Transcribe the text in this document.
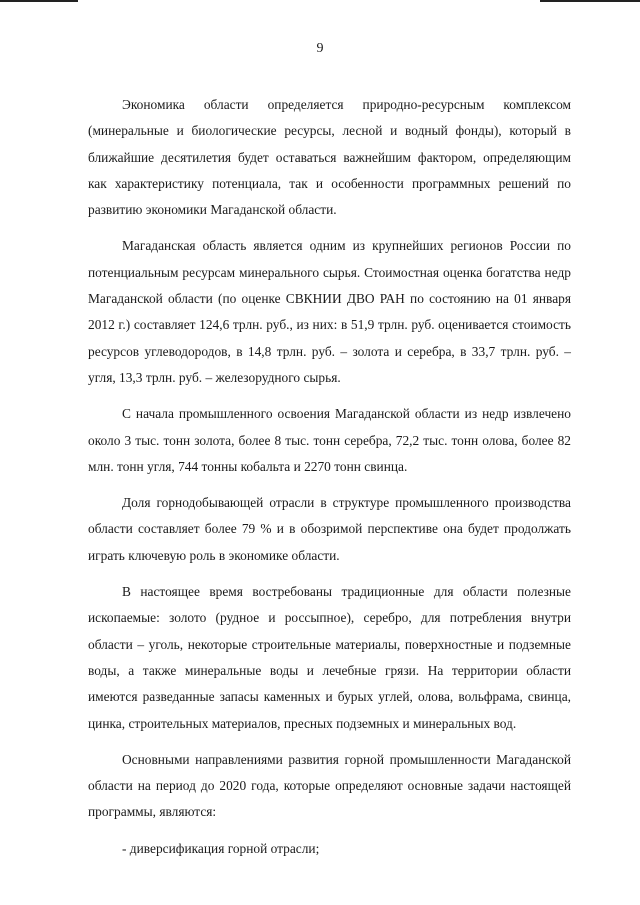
9

Экономика области определяется природно-ресурсным комплексом (минеральные и биологические ресурсы, лесной и водный фонды), который в ближайшие десятилетия будет оставаться важнейшим фактором, определяющим как характеристику потенциала, так и особенности программных решений по развитию экономики Магаданской области.

Магаданская область является одним из крупнейших регионов России по потенциальным ресурсам минерального сырья. Стоимостная оценка богатства недр Магаданской области (по оценке СВКНИИ ДВО РАН по состоянию на 01 января 2012 г.) составляет 124,6 трлн. руб., из них: в 51,9 трлн. руб. оценивается стоимость ресурсов углеводородов, в 14,8 трлн. руб. – золота и серебра, в 33,7 трлн. руб. – угля, 13,3 трлн. руб. – железорудного сырья.

С начала промышленного освоения Магаданской области из недр извлечено около 3 тыс. тонн золота, более 8 тыс. тонн серебра, 72,2 тыс. тонн олова, более 82 млн. тонн угля, 744 тонны кобальта и 2270 тонн свинца.

Доля горнодобывающей отрасли в структуре промышленного производства области составляет более 79 % и в обозримой перспективе она будет продолжать играть ключевую роль в экономике области.

В настоящее время востребованы традиционные для области полезные ископаемые: золото (рудное и россыпное), серебро, для потребления внутри области – уголь, некоторые строительные материалы, поверхностные и подземные воды, а также минеральные воды и лечебные грязи. На территории области имеются разведанные запасы каменных и бурых углей, олова, вольфрама, свинца, цинка, строительных материалов, пресных подземных и минеральных вод.

Основными направлениями развития горной промышленности Магаданской области на период до 2020 года, которые определяют основные задачи настоящей программы, являются:

- диверсификация горной отрасли;
